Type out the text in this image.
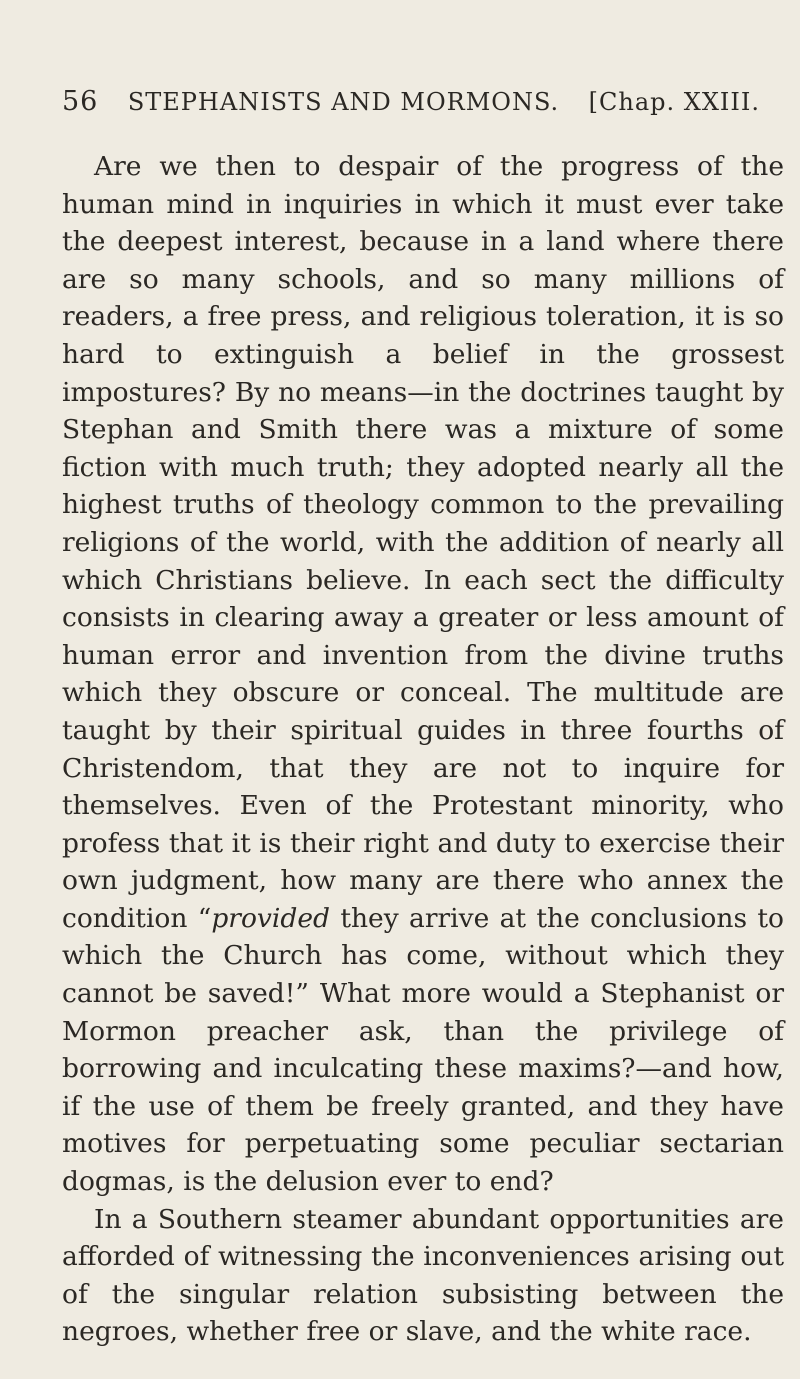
56 STEPHANISTS AND MORMONS. [Chap. XXIII.

Are we then to despair of the progress of the human mind in inquiries in which it must ever take the deepest interest, because in a land where there are so many schools, and so many millions of readers, a free press, and religious toleration, it is so hard to extinguish a belief in the grossest impostures? By no means—in the doctrines taught by Stephan and Smith there was a mixture of some fiction with much truth; they adopted nearly all the highest truths of theology common to the prevailing religions of the world, with the addition of nearly all which Christians believe. In each sect the difficulty consists in clearing away a greater or less amount of human error and invention from the divine truths which they obscure or conceal. The multitude are taught by their spiritual guides in three fourths of Christendom, that they are not to inquire for themselves. Even of the Protestant minority, who profess that it is their right and duty to exercise their own judgment, how many are there who annex the condition “provided they arrive at the conclusions to which the Church has come, without which they cannot be saved!” What more would a Stephanist or Mormon preacher ask, than the privilege of borrowing and inculcating these maxims?—and how, if the use of them be freely granted, and they have motives for perpetuating some peculiar sectarian dogmas, is the delusion ever to end?

In a Southern steamer abundant opportunities are afforded of witnessing the inconveniences arising out of the singular relation subsisting between the negroes, whether free or slave, and the white race.
